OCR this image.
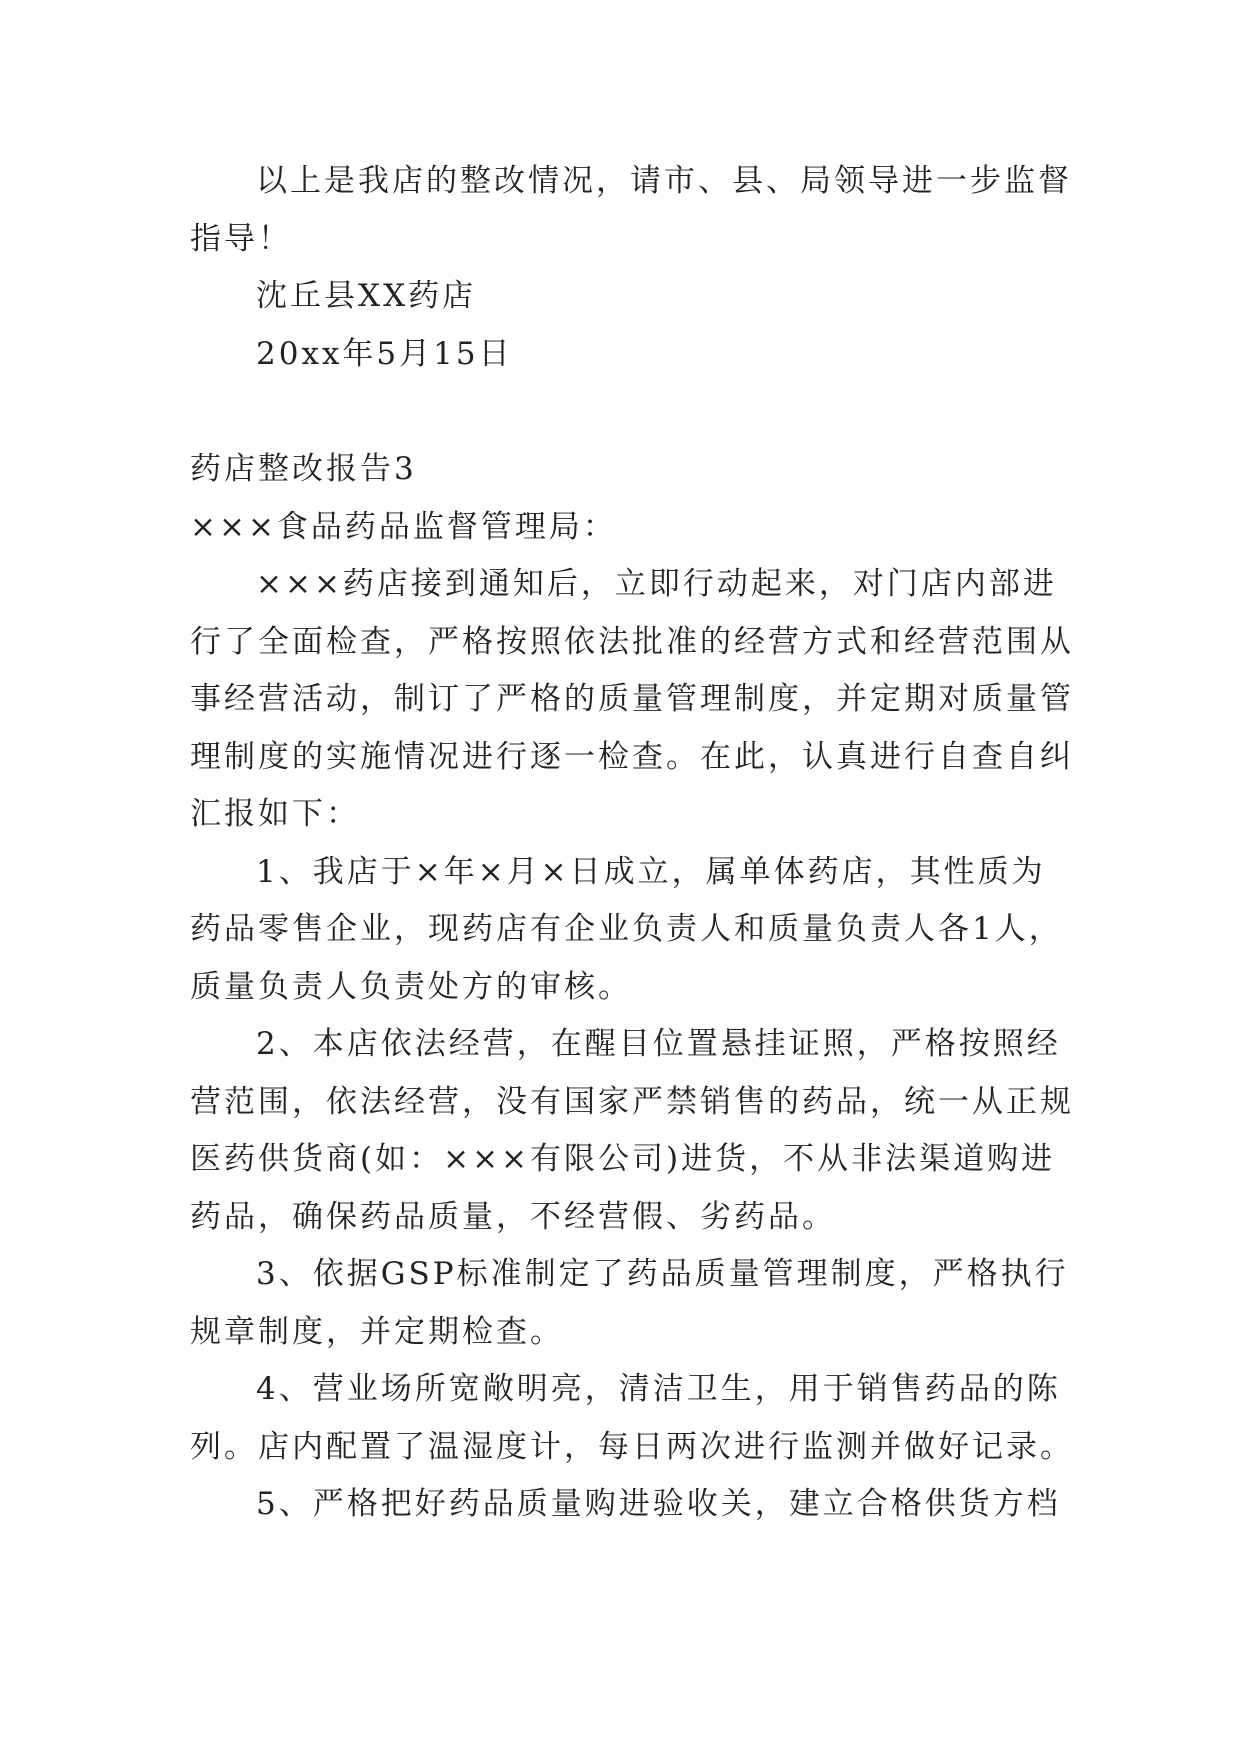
以上是我店的整改情况，请市、县、局领导进一步监督

指导！

沈丘县XX药店

20xx年5月15日

药店整改报告3

×××食品药品监督管理局：

×××药店接到通知后，立即行动起来，对门店内部进

行了全面检查，严格按照依法批准的经营方式和经营范围从

事经营活动，制订了严格的质量管理制度，并定期对质量管

理制度的实施情况进行逐一检查。在此，认真进行自查自纠

汇报如下：

1、我店于×年×月×日成立，属单体药店，其性质为

药品零售企业，现药店有企业负责人和质量负责人各1人，

质量负责人负责处方的审核。

2、本店依法经营，在醒目位置悬挂证照，严格按照经

营范围，依法经营，没有国家严禁销售的药品，统一从正规

医药供货商(如：×××有限公司)进货，不从非法渠道购进

药品，确保药品质量，不经营假、劣药品。

3、依据GSP标准制定了药品质量管理制度，严格执行

规章制度，并定期检查。

4、营业场所宽敞明亮，清洁卫生，用于销售药品的陈

列。店内配置了温湿度计，每日两次进行监测并做好记录。

5、严格把好药品质量购进验收关，建立合格供货方档
